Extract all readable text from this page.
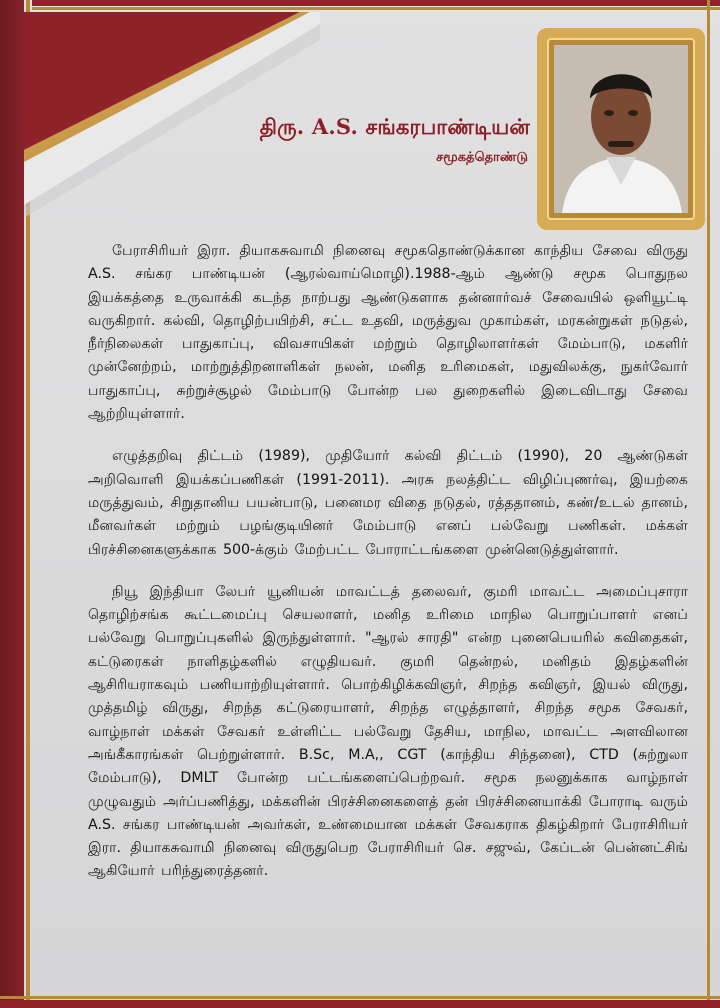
திரு. A.S. சங்கரபாண்டியன்
சமூகத்தொண்டு

பேராசிரியர் இரா. தியாகசுவாமி நினைவு சமூகதொண்டுக்கான காந்திய சேவை விருது A.S. சங்கர பாண்டியன் (ஆரல்வாய்மொழி).1988-ஆம் ஆண்டு சமூக பொதுநல இயக்கத்தை உருவாக்கி கடந்த நாற்பது ஆண்டுகளாக தன்னார்வச் சேவையில் ஒளியூட்டி வருகிறார். கல்வி, தொழிற்பயிற்சி, சட்ட உதவி, மருத்துவ முகாம்கள், மரகன்றுகள் நடுதல், நீர்நிலைகள் பாதுகாப்பு, விவசாயிகள் மற்றும் தொழிலாளர்கள் மேம்பாடு, மகளிர் முன்னேற்றம், மாற்றுத்திறனாளிகள் நலன், மனித உரிமைகள், மதுவிலக்கு, நுகர்வோர் பாதுகாப்பு, சுற்றுச்சூழல் மேம்பாடு போன்ற பல துறைகளில் இடைவிடாது சேவை ஆற்றியுள்ளார்.

எழுத்தறிவு திட்டம் (1989), முதியோர் கல்வி திட்டம் (1990), 20 ஆண்டுகள் அறிவொளி இயக்கப்பணிகள் (1991-2011). அரசு நலத்திட்ட விழிப்புணர்வு, இயற்கை மருத்துவம், சிறுதானிய பயன்பாடு, பனைமர விதை நடுதல், ரத்ததானம், கண்/உடல் தானம், மீனவர்கள் மற்றும் பழங்குடியினர் மேம்பாடு எனப் பல்வேறு பணிகள். மக்கள் பிரச்சினைகளுக்காக 500-க்கும் மேற்பட்ட போராட்டங்களை முன்னெடுத்துள்ளார்.

நியூ இந்தியா லேபர் யூனியன் மாவட்டத் தலைவர், குமரி மாவட்ட அமைப்புசாரா தொழிற்சங்க கூட்டமைப்பு செயலாளர், மனித உரிமை மாநில பொறுப்பாளர் எனப் பல்வேறு பொறுப்புகளில் இருந்துள்ளார். "ஆரல் சாரதி" என்ற புனைபெயரில் கவிதைகள், கட்டுரைகள் நாளிதழ்களில் எழுதியவர். குமரி தென்றல், மனிதம் இதழ்களின் ஆசிரியராகவும் பணியாற்றியுள்ளார். பொற்கிழிக்கவிஞர், சிறந்த கவிஞர், இயல் விருது, முத்தமிழ் விருது, சிறந்த கட்டுரையாளர், சிறந்த எழுத்தாளர், சிறந்த சமூக சேவகர், வாழ்நாள் மக்கள் சேவகர் உள்ளிட்ட பல்வேறு தேசிய, மாநில, மாவட்ட அளவிலான அங்கீகாரங்கள் பெற்றுள்ளார். B.Sc, M.A,, CGT (காந்திய சிந்தனை), CTD (சுற்றுலா மேம்பாடு), DMLT போன்ற பட்டங்களைப்பெற்றவர். சமூக நலனுக்காக வாழ்நாள் முழுவதும் அர்ப்பணித்து, மக்களின் பிரச்சினைகளைத் தன் பிரச்சினையாக்கி போராடி வரும் A.S. சங்கர பாண்டியன் அவர்கள், உண்மையான மக்கள் சேவகராக திகழ்கிறார் பேராசிரியர் இரா. தியாகசுவாமி நினைவு விருதுபெற பேராசிரியர் செ. சஜுவ், கேப்டன் பென்னட்சிங் ஆகியோர் பரிந்துரைத்தனர்.
